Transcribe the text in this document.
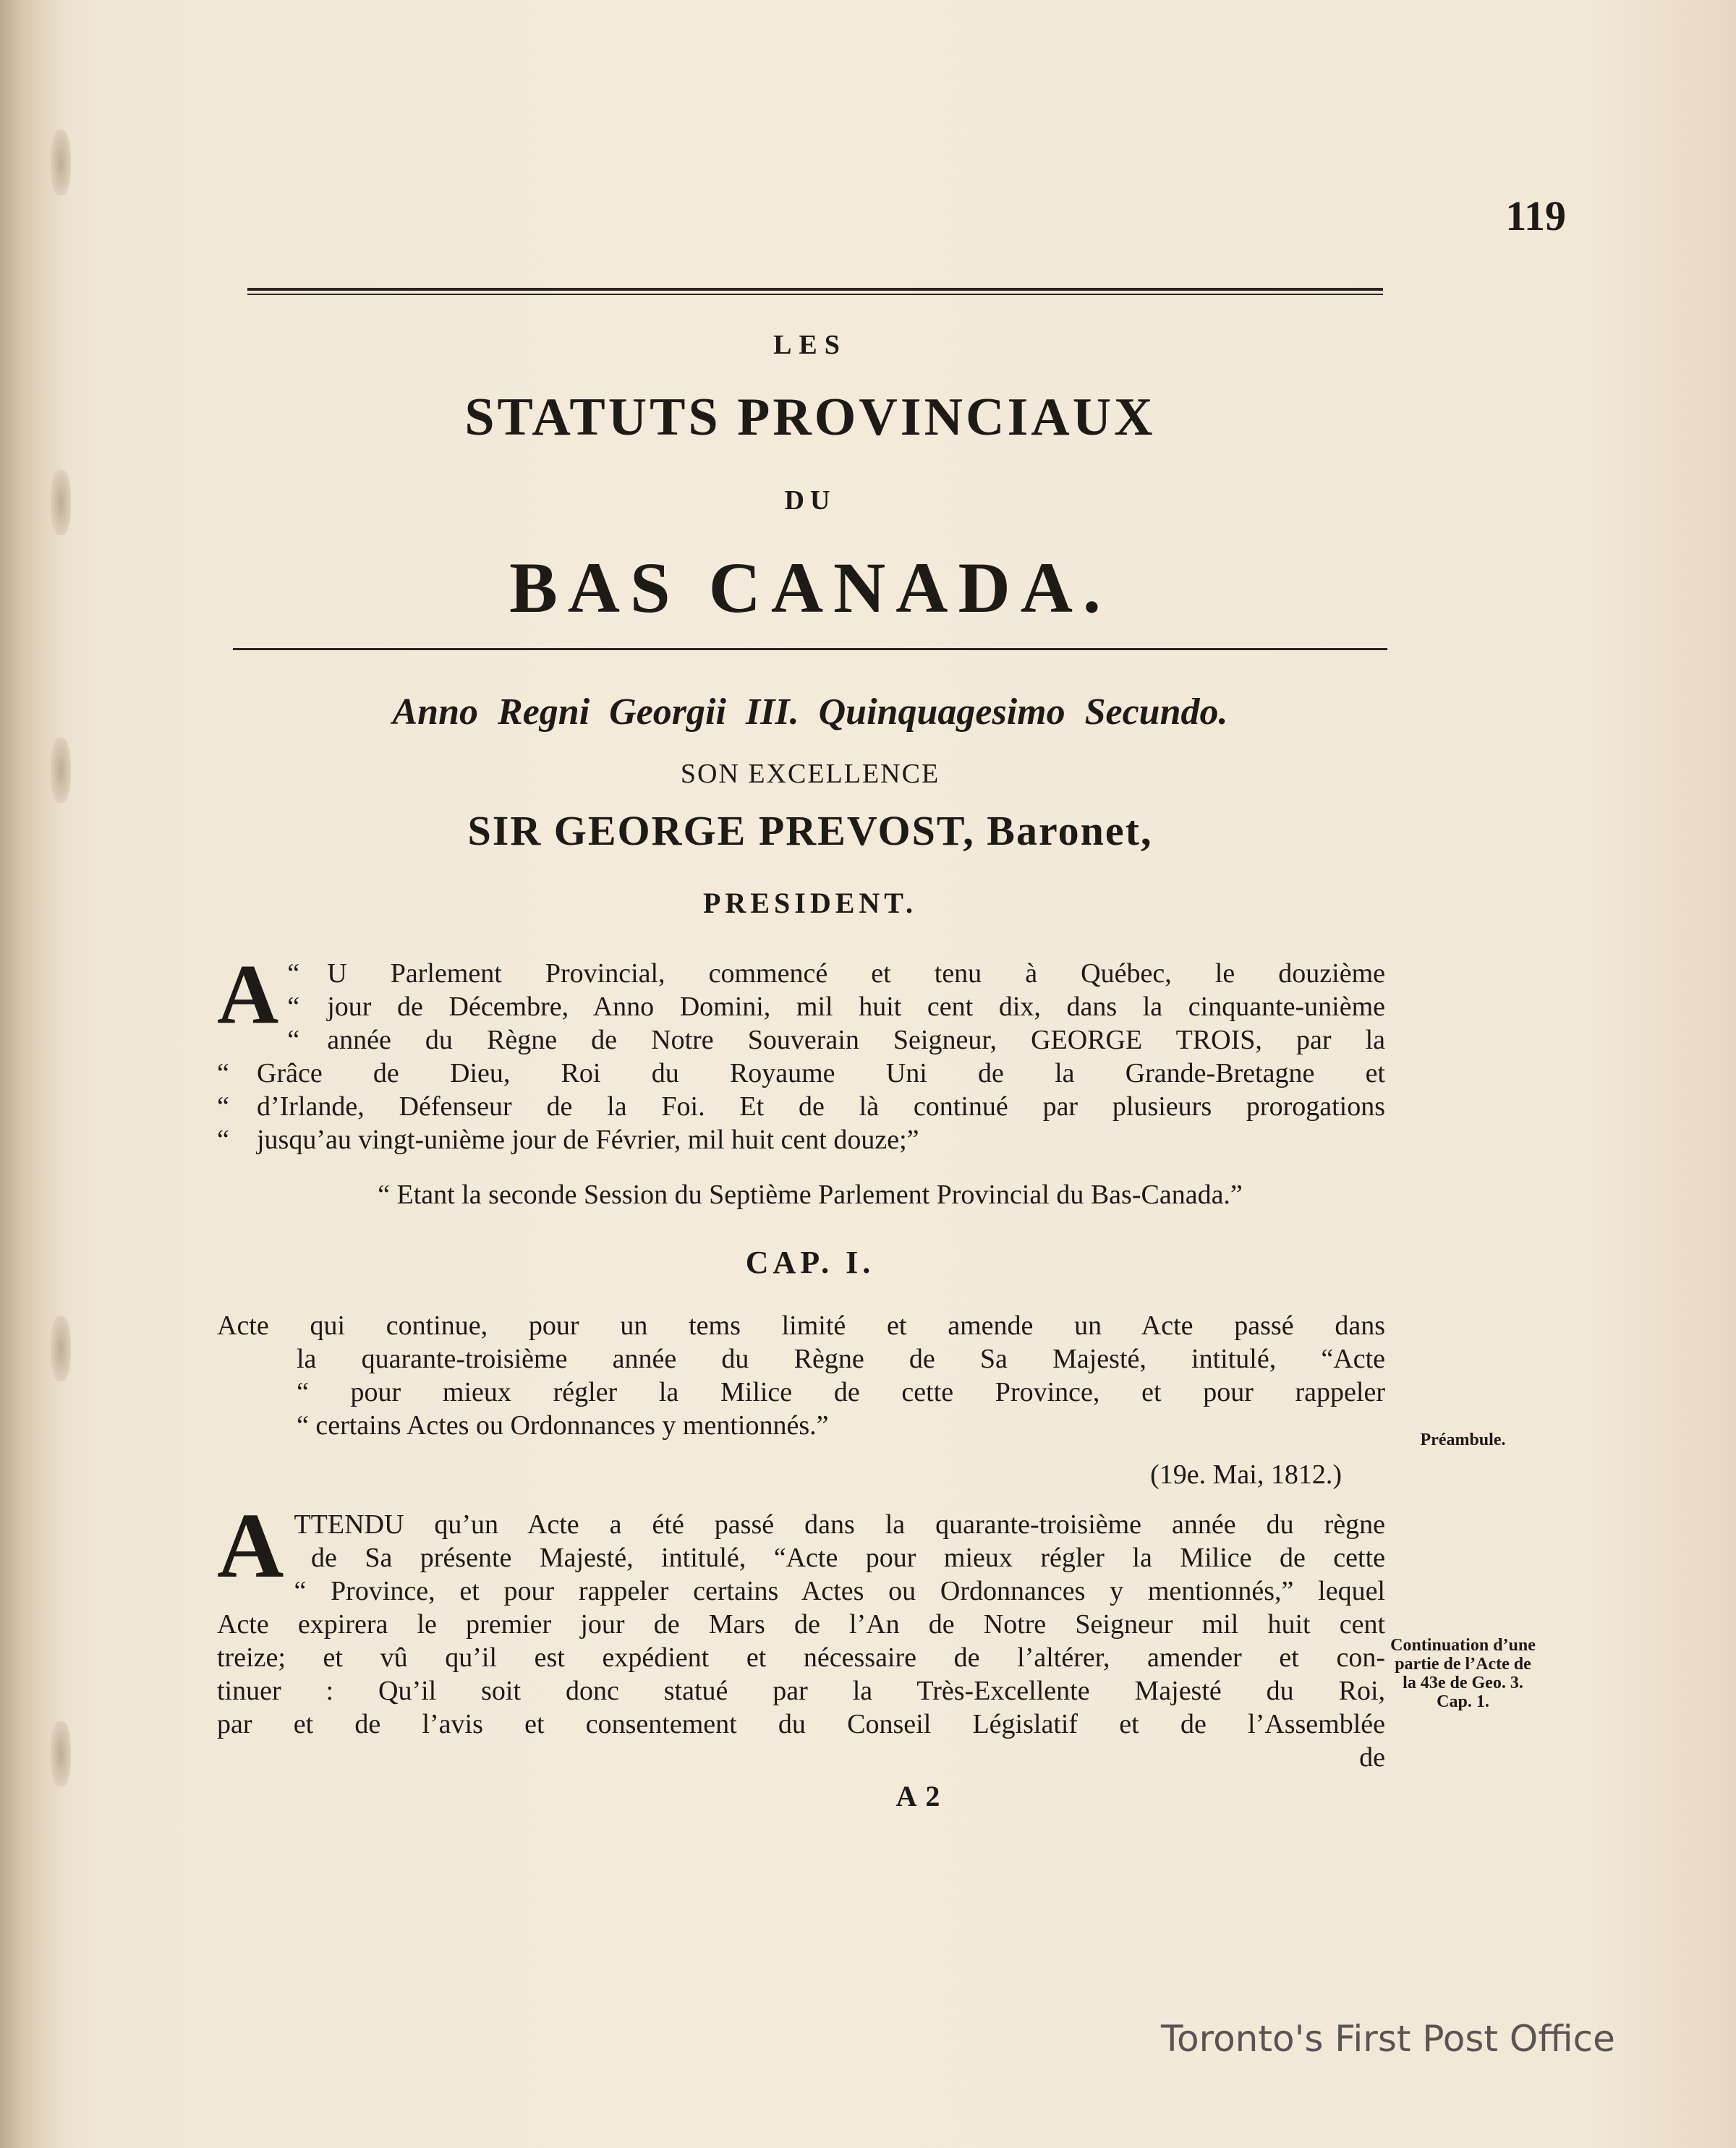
119
LES
STATUTS PROVINCIAUX
DU
BAS CANADA.
Anno Regni Georgii III. Quinquagesimo Secundo.
SON EXCELLENCE
SIR GEORGE PREVOST, Baronet,
PRESIDENT.
“
A U Parlement Provincial, commencé et tenu à Québec, le douzième
“ jour de Décembre, Anno Domini, mil huit cent dix, dans la cinquante-unième
“ année du Règne de Notre Souverain Seigneur, GEORGE TROIS, par la
“ Grâce de Dieu, Roi du Royaume Uni de la Grande-Bretagne et
“ d’Irlande, Défenseur de la Foi. Et de là continué par plusieurs prorogations
“ jusqu’au vingt-unième jour de Février, mil huit cent douze;”
“ Etant la seconde Session du Septième Parlement Provincial du Bas-Canada.”
CAP. I.
Acte qui continue, pour un tems limité et amende un Acte passé dans
la quarante-troisième année du Règne de Sa Majesté, intitulé, “Acte
“ pour mieux régler la Milice de cette Province, et pour rappeler
“ certains Actes ou Ordonnances y mentionnés.”
(19e. Mai, 1812.)
ATTENDU qu’un Acte a été passé dans la quarante-troisième année du règne
de Sa présente Majesté, intitulé, “Acte pour mieux régler la Milice de cette
“ Province, et pour rappeler certains Actes ou Ordonnances y mentionnés,” lequel
Acte expirera le premier jour de Mars de l’An de Notre Seigneur mil huit cent
treize; et vû qu’il est expédient et nécessaire de l’altérer, amender et con-
tinuer : Qu’il soit donc statué par la Très-Excellente Majesté du Roi,
par et de l’avis et consentement du Conseil Législatif et de l’Assemblée
de
A 2
Préambule.
Continuation d’une partie de l’Acte de la 43e de Geo. 3. Cap. 1.
Toronto's First Post Office
